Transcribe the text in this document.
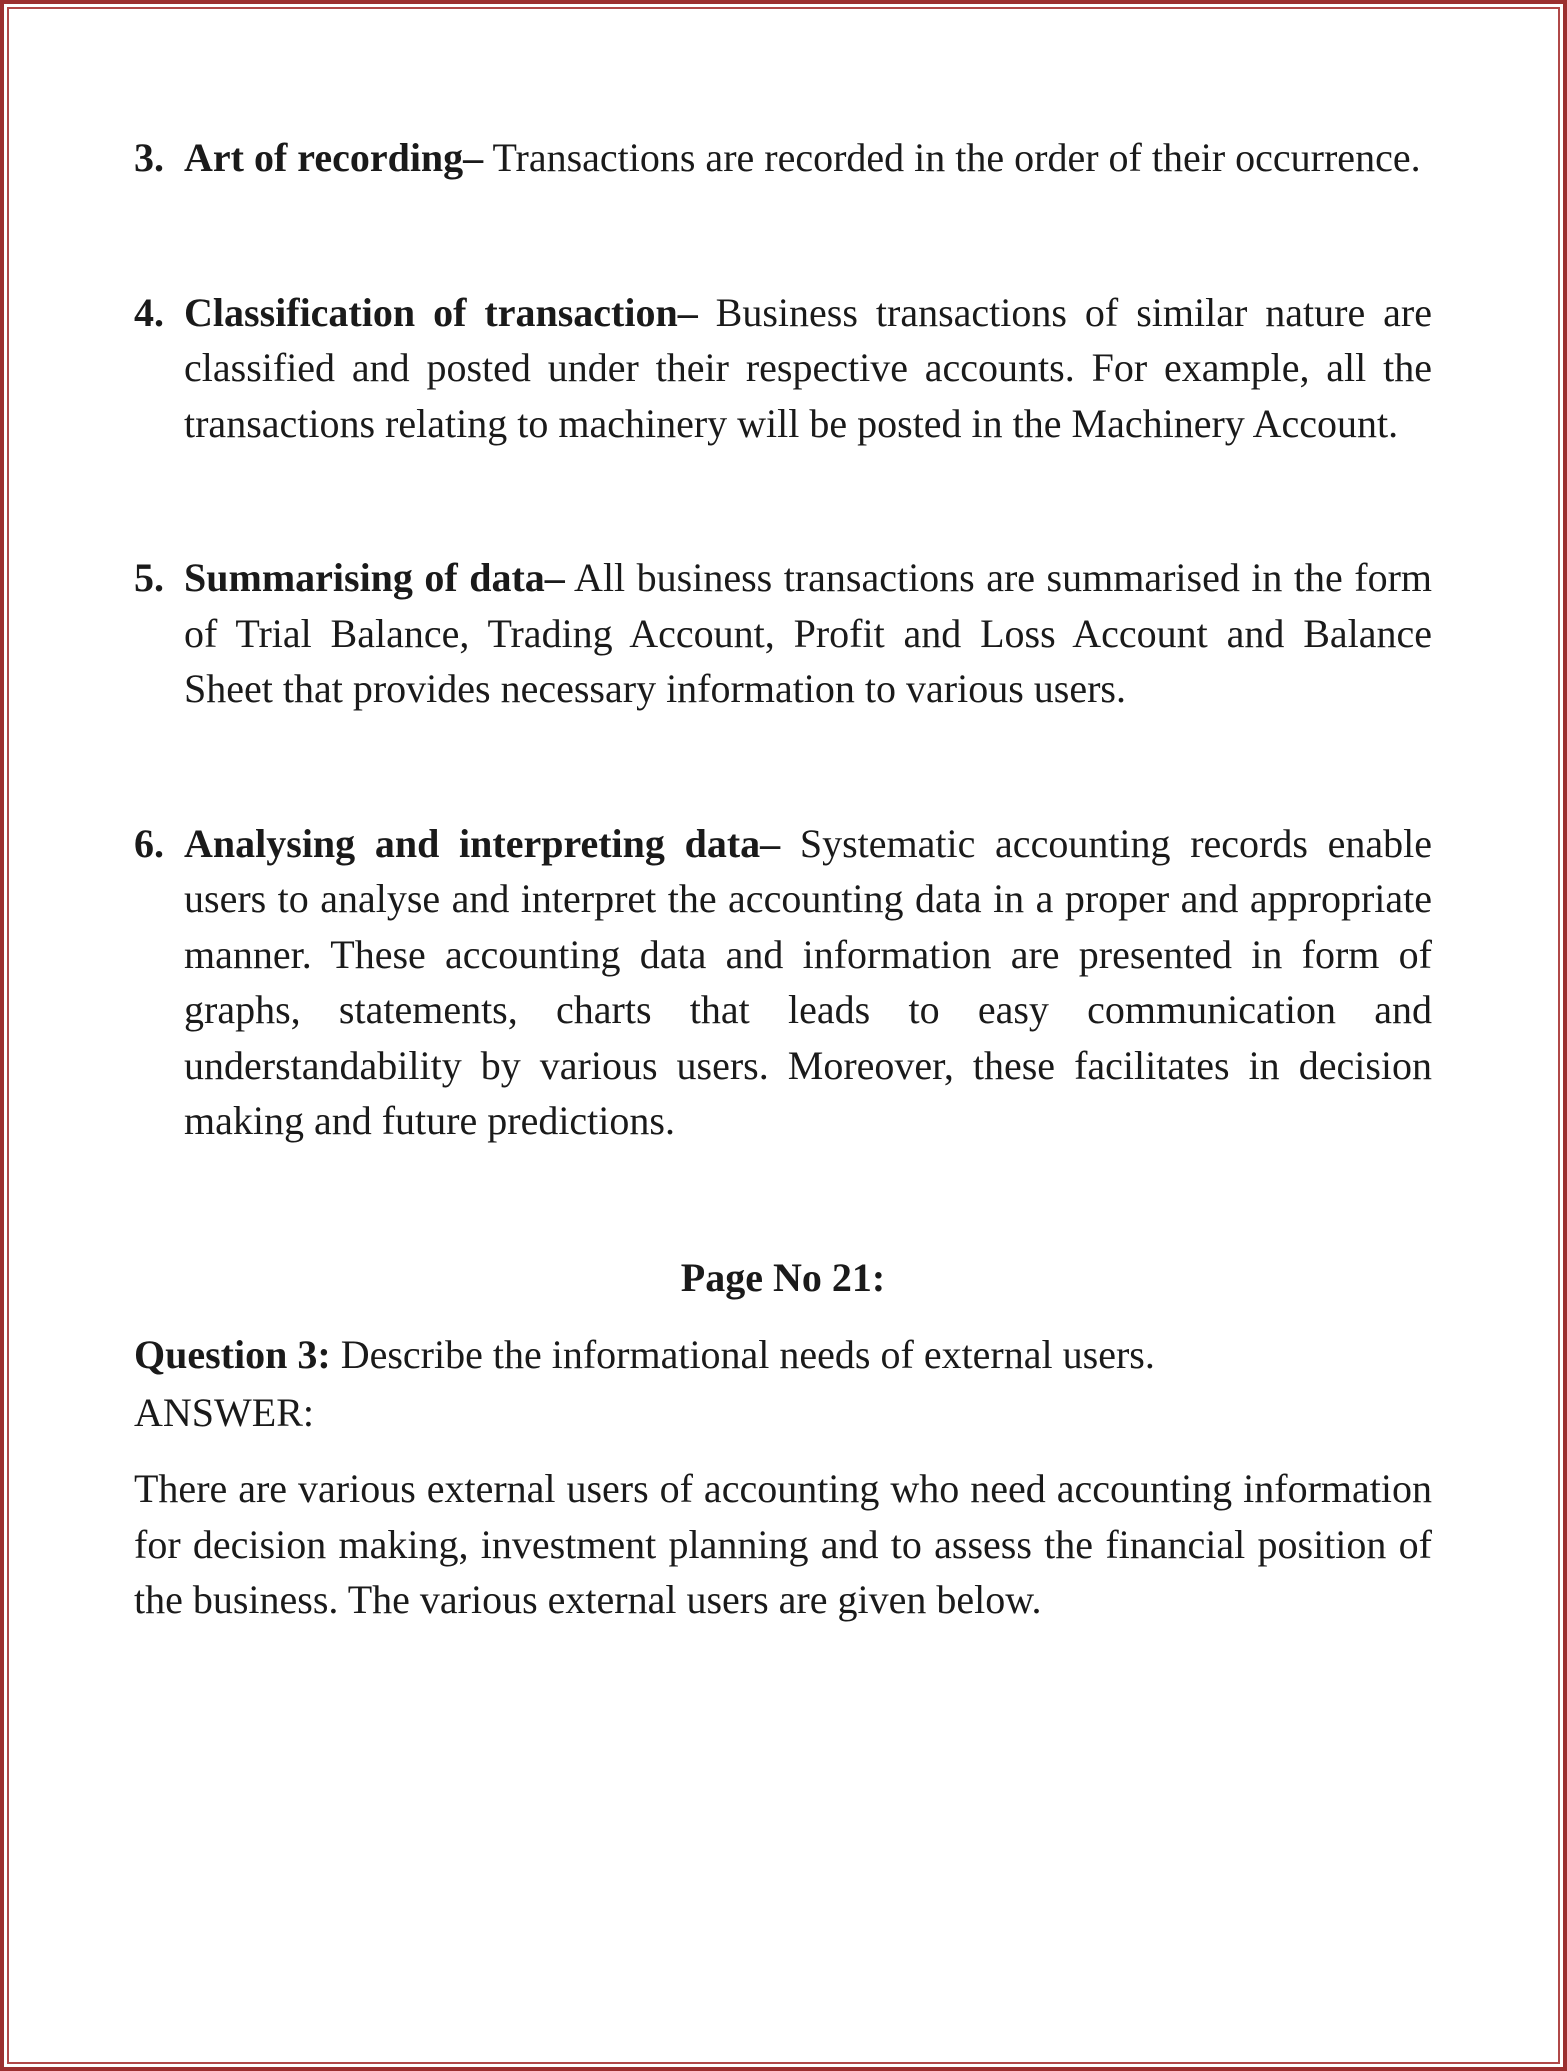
3. Art of recording– Transactions are recorded in the order of their occurrence.
4. Classification of transaction– Business transactions of similar nature are classified and posted under their respective accounts. For example, all the transactions relating to machinery will be posted in the Machinery Account.
5. Summarising of data– All business transactions are summarised in the form of Trial Balance, Trading Account, Profit and Loss Account and Balance Sheet that provides necessary information to various users.
6. Analysing and interpreting data– Systematic accounting records enable users to analyse and interpret the accounting data in a proper and appropriate manner. These accounting data and information are presented in form of graphs, statements, charts that leads to easy communication and understandability by various users. Moreover, these facilitates in decision making and future predictions.
Page No 21:
Question 3: Describe the informational needs of external users.
ANSWER:
There are various external users of accounting who need accounting information for decision making, investment planning and to assess the financial position of the business. The various external users are given below.
